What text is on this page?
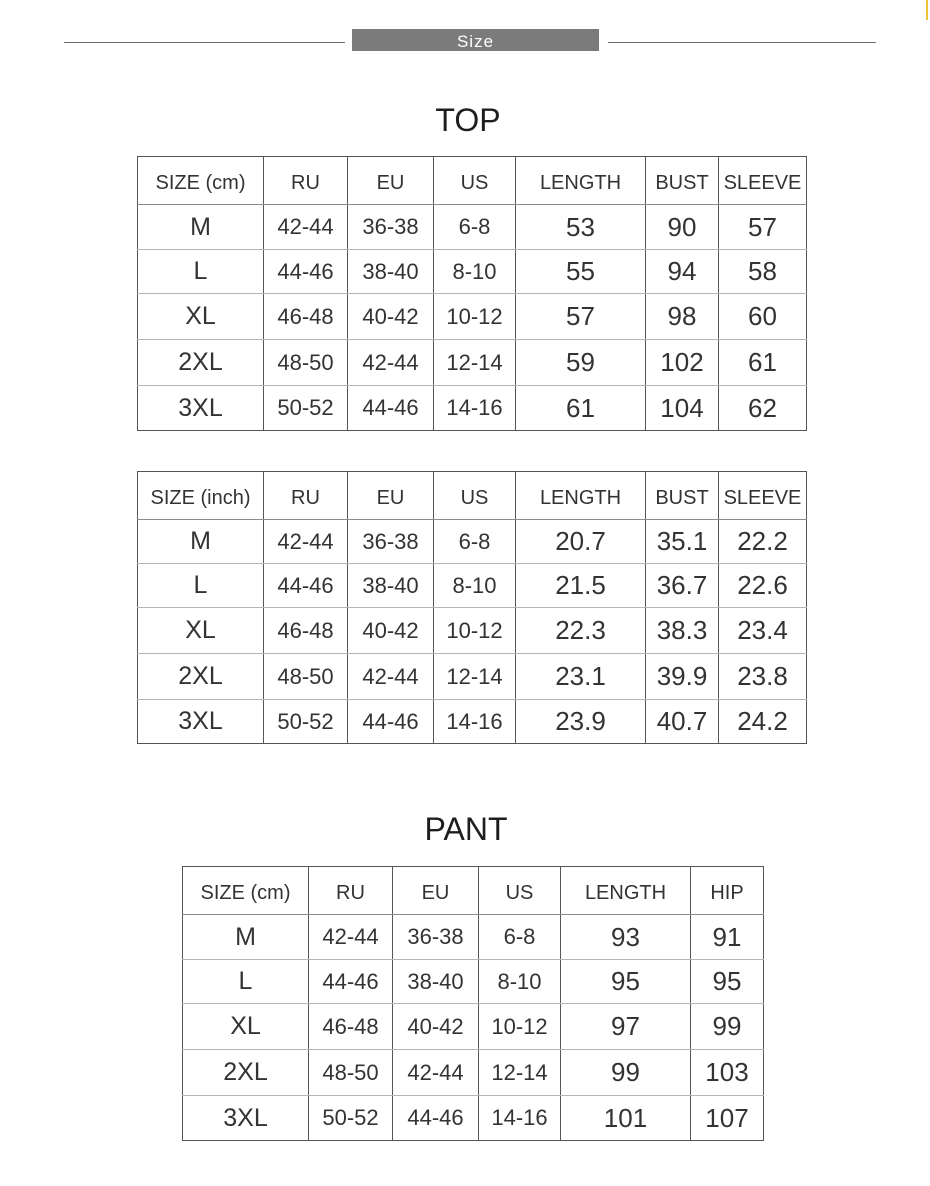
Size
TOP
SIZE (cm)	RU	EU	US	LENGTH	BUST	SLEEVE
M	42-44	36-38	6-8	53	90	57
L	44-46	38-40	8-10	55	94	58
XL	46-48	40-42	10-12	57	98	60
2XL	48-50	42-44	12-14	59	102	61
3XL	50-52	44-46	14-16	61	104	62
SIZE (inch)	RU	EU	US	LENGTH	BUST	SLEEVE
M	42-44	36-38	6-8	20.7	35.1	22.2
L	44-46	38-40	8-10	21.5	36.7	22.6
XL	46-48	40-42	10-12	22.3	38.3	23.4
2XL	48-50	42-44	12-14	23.1	39.9	23.8
3XL	50-52	44-46	14-16	23.9	40.7	24.2
PANT
SIZE (cm)	RU	EU	US	LENGTH	HIP
M	42-44	36-38	6-8	93	91
L	44-46	38-40	8-10	95	95
XL	46-48	40-42	10-12	97	99
2XL	48-50	42-44	12-14	99	103
3XL	50-52	44-46	14-16	101	107
